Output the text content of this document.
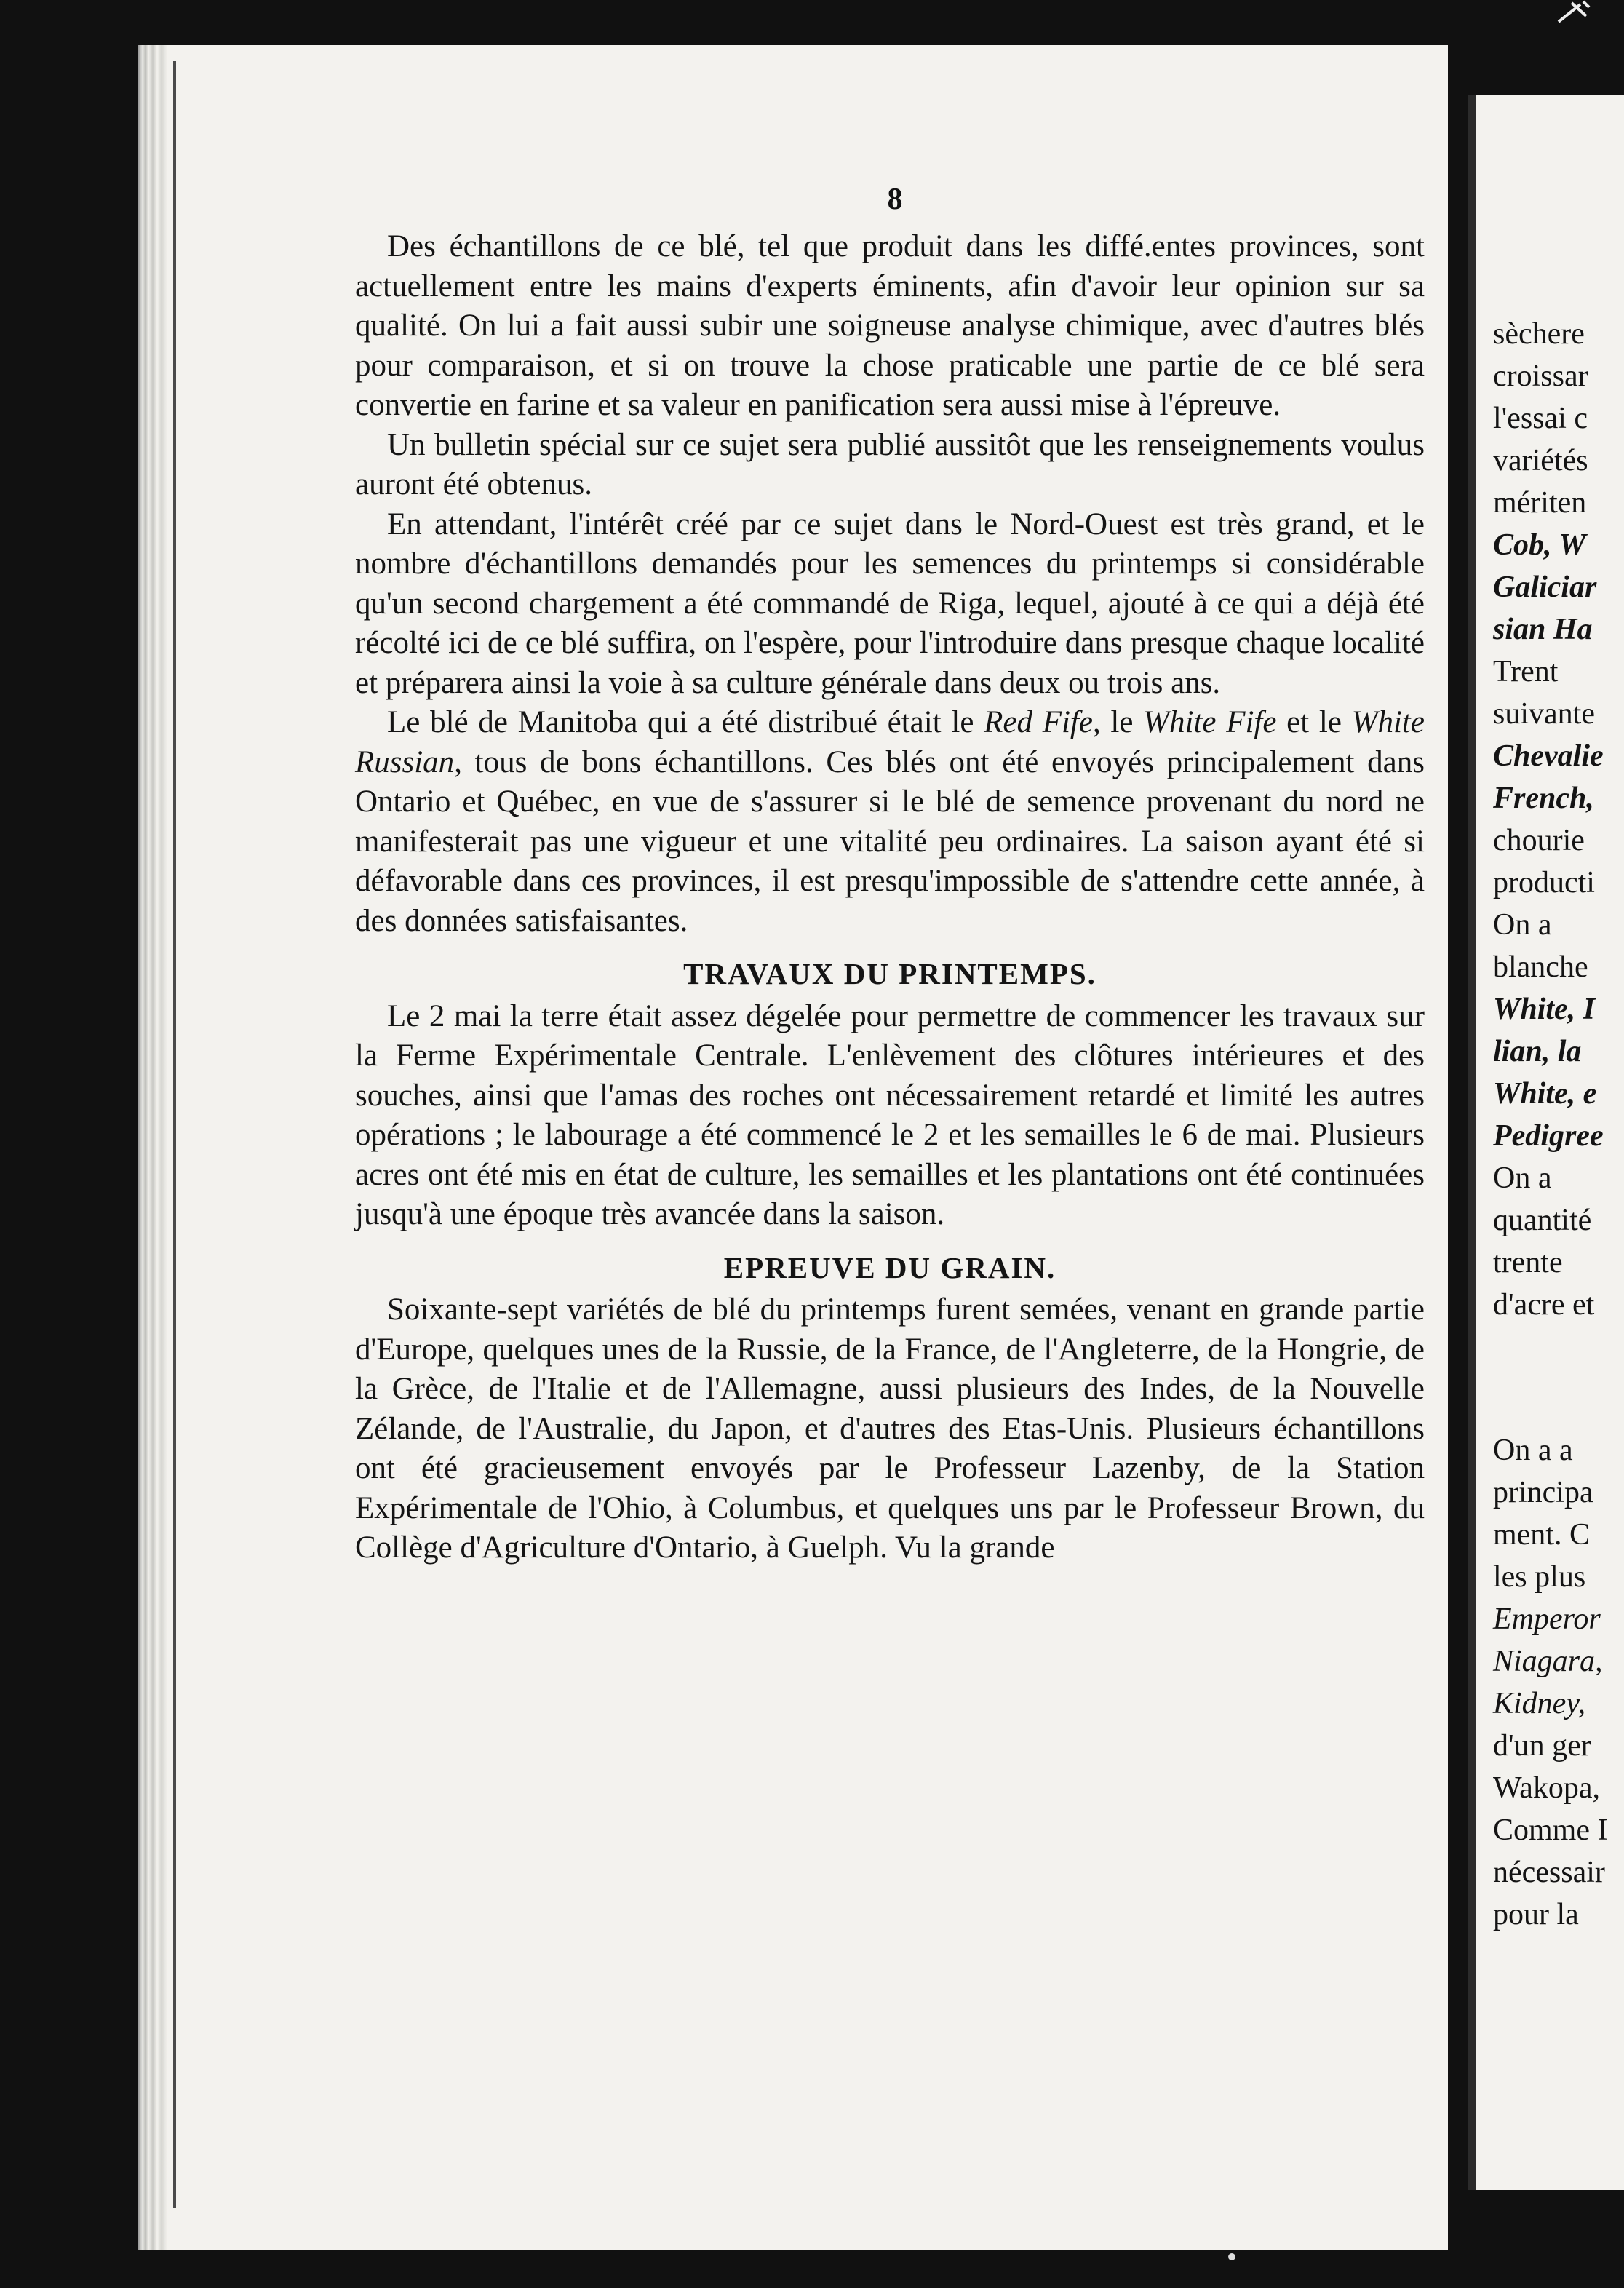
8

Des échantillons de ce blé, tel que produit dans les diffé.entes provinces, sont actuellement entre les mains d'experts éminents, afin d'avoir leur opinion sur sa qualité. On lui a fait aussi subir une soigneuse analyse chimique, avec d'autres blés pour comparaison, et si on trouve la chose praticable une partie de ce blé sera convertie en farine et sa valeur en panification sera aussi mise à l'épreuve.

Un bulletin spécial sur ce sujet sera publié aussitôt que les renseignements voulus auront été obtenus.

En attendant, l'intérêt créé par ce sujet dans le Nord-Ouest est très grand, et le nombre d'échantillons demandés pour les semences du printemps si considérable qu'un second chargement a été commandé de Riga, lequel, ajouté à ce qui a déjà été récolté ici de ce blé suffira, on l'espère, pour l'introduire dans presque chaque localité et préparera ainsi la voie à sa culture générale dans deux ou trois ans.

Le blé de Manitoba qui a été distribué était le Red Fife, le White Fife et le White Russian, tous de bons échantillons. Ces blés ont été envoyés principalement dans Ontario et Québec, en vue de s'assurer si le blé de semence provenant du nord ne manifesterait pas une vigueur et une vitalité peu ordinaires. La saison ayant été si défavorable dans ces provinces, il est presqu'impossible de s'attendre cette année, à des données satisfaisantes.

TRAVAUX DU PRINTEMPS.

Le 2 mai la terre était assez dégelée pour permettre de commencer les travaux sur la Ferme Expérimentale Centrale. L'enlèvement des clôtures intérieures et des souches, ainsi que l'amas des roches ont nécessairement retardé et limité les autres opérations ; le labourage a été commencé le 2 et les semailles le 6 de mai. Plusieurs acres ont été mis en état de culture, les semailles et les plantations ont été continuées jusqu'à une époque très avancée dans la saison.

EPREUVE DU GRAIN.

Soixante-sept variétés de blé du printemps furent semées, venant en grande partie d'Europe, quelques unes de la Russie, de la France, de l'Angleterre, de la Hongrie, de la Grèce, de l'Italie et de l'Allemagne, aussi plusieurs des Indes, de la Nouvelle Zélande, de l'Australie, du Japon, et d'autres des Etas-Unis. Plusieurs échantillons ont été gracieusement envoyés par le Professeur Lazenby, de la Station Expérimentale de l'Ohio, à Columbus, et quelques uns par le Professeur Brown, du Collège d'Agriculture d'Ontario, à Guelph. Vu la grande

sèchere
croissar
l'essai c
variétés
mériten
Cob, W
Galiciar
sian Ha
Trent
suivante
Chevalie
French,
chourie
producti
On a
blanche
White, I
lian, la
White, e
Pedigree
On a
quantité
trente
d'acre et
On a a
principa
ment. C
les plus
Emperor
Niagara,
Kidney,
d'un ger
Wakopa,
Comme I
nécessair
pour la
